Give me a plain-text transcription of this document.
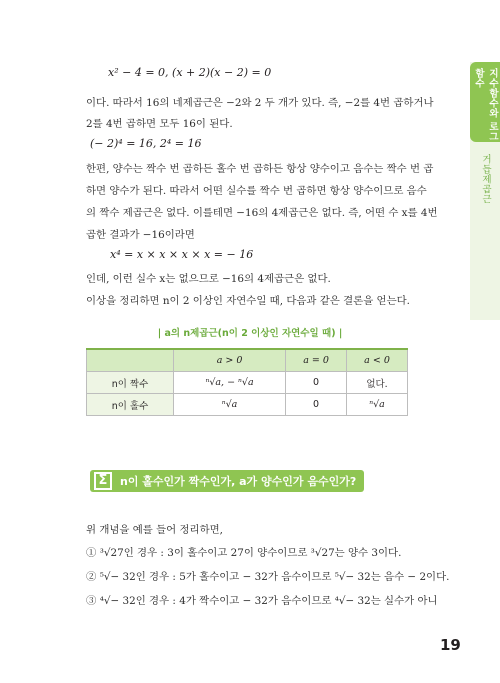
지수함수와 로그함수
거듭제곱근
x² − 4 = 0, (x + 2)(x − 2) = 0
이다. 따라서 16의 네제곱근은 −2와 2 두 개가 있다. 즉, −2를 4번 곱하거나
2를 4번 곱하면 모두 16이 된다.
(− 2)⁴ = 16, 2⁴ = 16
한편, 양수는 짝수 번 곱하든 홀수 번 곱하든 항상 양수이고 음수는 짝수 번 곱
하면 양수가 된다. 따라서 어떤 실수를 짝수 번 곱하면 항상 양수이므로 음수
의 짝수 제곱근은 없다. 이를테면 −16의 4제곱근은 없다. 즉, 어떤 수 x를 4번
곱한 결과가 −16이라면
x⁴ = x × x × x × x = − 16
인데, 이런 실수 x는 없으므로 −16의 4제곱근은 없다.
이상을 정리하면 n이 2 이상인 자연수일 때, 다음과 같은 결론을 얻는다.
| a의 n제곱근(n이 2 이상인 자연수일 때) |
	a > 0	a = 0	a < 0
n이 짝수	ⁿ√a, − ⁿ√a	0	없다.
n이 홀수	ⁿ√a	0	ⁿ√a
Σ	n이 홀수인가 짝수인가, a가 양수인가 음수인가?
위 개념을 예를 들어 정리하면,
① ³√27인 경우 : 3이 홀수이고 27이 양수이므로 ³√27는 양수 3이다.
② ⁵√− 32인 경우 : 5가 홀수이고 − 32가 음수이므로 ⁵√− 32는 음수 − 2이다.
③ ⁴√− 32인 경우 : 4가 짝수이고 − 32가 음수이므로 ⁴√− 32는 실수가 아니
19
